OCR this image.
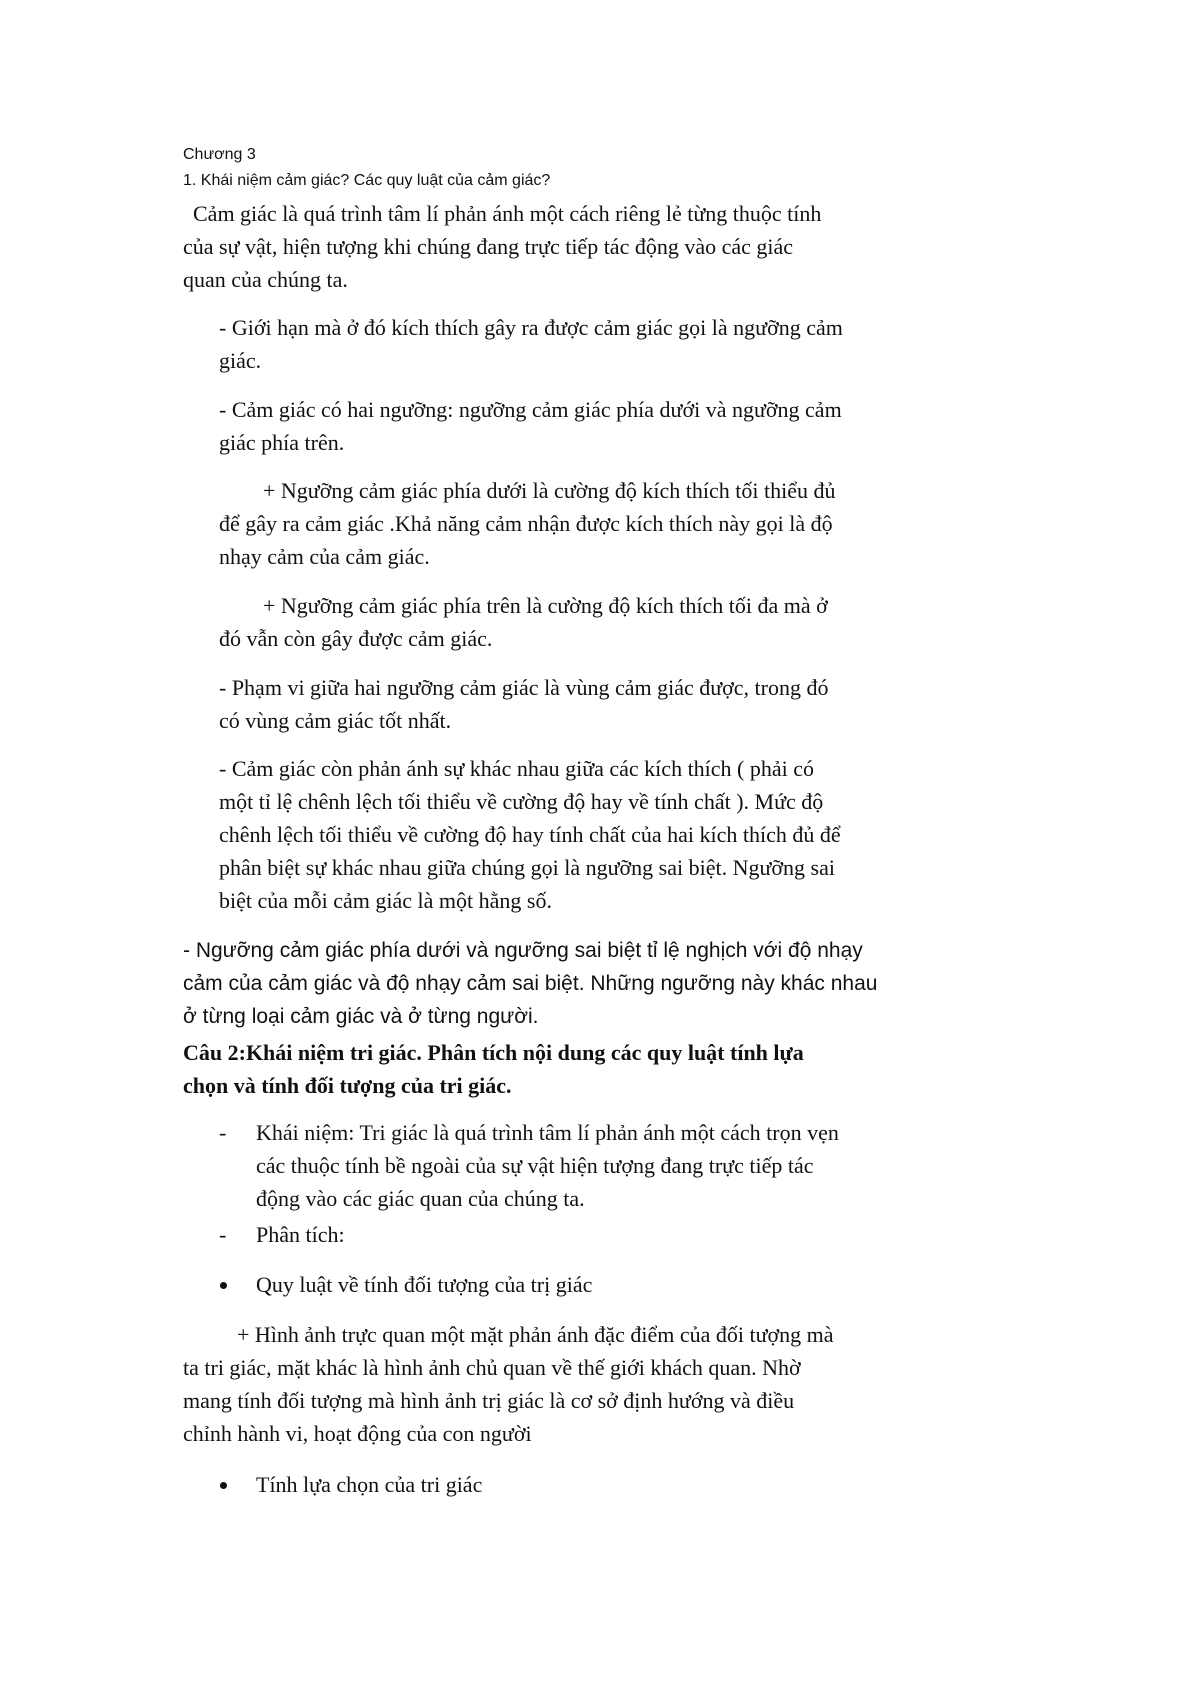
Chương 3
1. Khái niệm cảm giác? Các quy luật của cảm giác?
Cảm giác là quá trình tâm lí phản ánh một cách riêng lẻ từng thuộc tính
của sự vật, hiện tượng khi chúng đang trực tiếp tác động vào các giác
quan của chúng ta.
- Giới hạn mà ở đó kích thích gây ra được cảm giác gọi là ngưỡng cảm
giác.
- Cảm giác có hai ngưỡng: ngưỡng cảm giác phía dưới và ngưỡng cảm
giác phía trên.
+ Ngưỡng cảm giác phía dưới là cường độ kích thích tối thiểu đủ
để gây ra cảm giác .Khả năng cảm nhận được kích thích này gọi là độ
nhạy cảm của cảm giác.
+ Ngưỡng cảm giác phía trên là cường độ kích thích tối đa mà ở
đó vẫn còn gây được cảm giác.
- Phạm vi giữa hai ngưỡng cảm giác là vùng cảm giác được, trong đó
có vùng cảm giác tốt nhất.
- Cảm giác còn phản ánh sự khác nhau giữa các kích thích ( phải có
một tỉ lệ chênh lệch tối thiểu về cường độ hay về tính chất ). Mức độ
chênh lệch tối thiểu về cường độ hay tính chất của hai kích thích đủ để
phân biệt sự khác nhau giữa chúng gọi là ngưỡng sai biệt. Ngưỡng sai
biệt của mỗi cảm giác là một hằng số.
- Ngưỡng cảm giác phía dưới và ngưỡng sai biệt tỉ lệ nghịch với độ nhạy
cảm của cảm giác và độ nhạy cảm sai biệt. Những ngưỡng này khác nhau
ở từng loại cảm giác và ở từng người.
Câu 2:Khái niệm tri giác. Phân tích nội dung các quy luật tính lựa
chọn và tính đối tượng của tri giác.
- Khái niệm: Tri giác là quá trình tâm lí phản ánh một cách trọn vẹn
các thuộc tính bề ngoài của sự vật hiện tượng đang trực tiếp tác
động vào các giác quan của chúng ta.
- Phân tích:
Quy luật về tính đối tượng của trị giác
+ Hình ảnh trực quan một mặt phản ánh đặc điểm của đối tượng mà
ta tri giác, mặt khác là hình ảnh chủ quan về thế giới khách quan. Nhờ
mang tính đối tượng mà hình ảnh trị giác là cơ sở định hướng và điều
chỉnh hành vi, hoạt động của con người
Tính lựa chọn của tri giác
